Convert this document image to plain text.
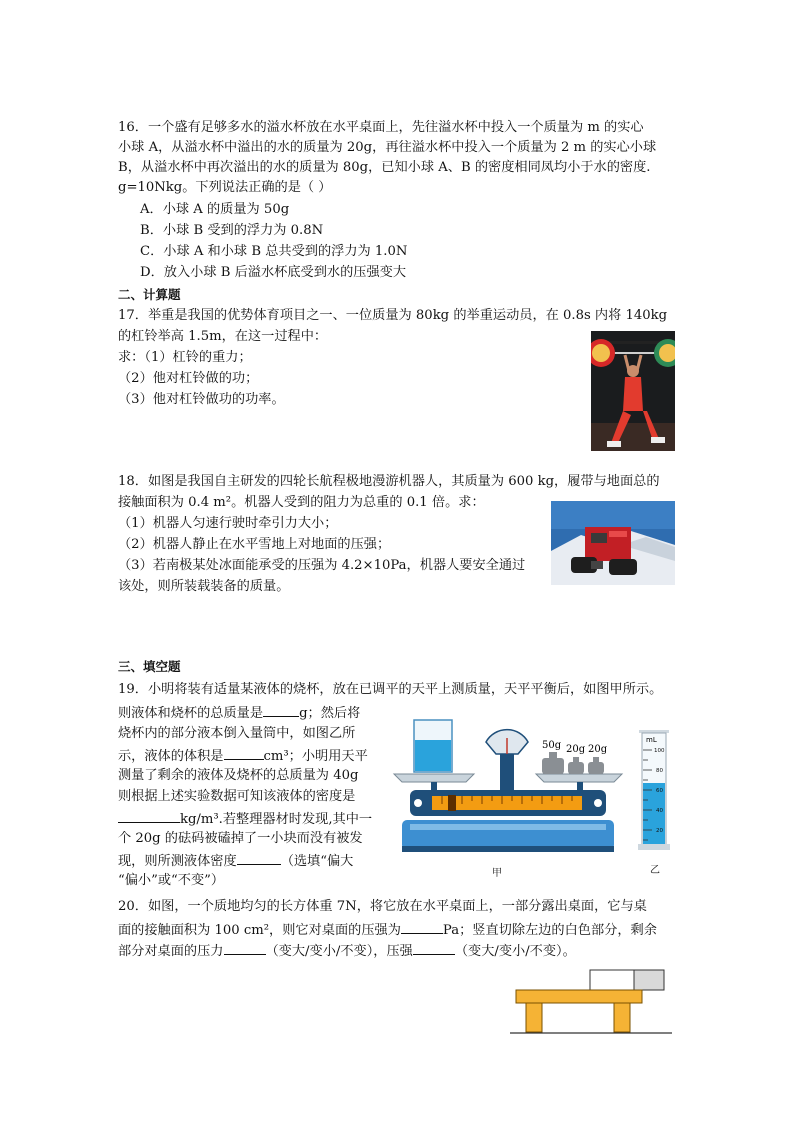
16．一个盛有足够多水的溢水杯放在水平桌面上，先往溢水杯中投入一个质量为 m 的实心
小球 A，从溢水杯中溢出的水的质量为 20g，再往溢水杯中投入一个质量为 2 m 的实心小球
B，从溢水杯中再次溢出的水的质量为 80g，已知小球 A、B 的密度相同凤均小于水的密度.
g=10Nkg。下列说法正确的是（ ）
A．小球 A 的质量为 50g
B．小球 B 受到的浮力为 0.8N
C．小球 A 和小球 B 总共受到的浮力为 1.0N
D．放入小球 B 后溢水杯底受到水的压强变大
二、计算题
17．举重是我国的优势体育项目之一、一位质量为 80kg 的举重运动员，在 0.8s 内将 140kg
的杠铃举高 1.5m，在这一过程中：
求：（1）杠铃的重力；
（2）他对杠铃做的功；
（3）他对杠铃做功的功率。
18．如图是我国自主研发的四轮长航程极地漫游机器人，其质量为 600 kg，履带与地面总的
接触面积为 0.4 m²。机器人受到的阻力为总重的 0.1 倍。求：
（1）机器人匀速行驶时牵引力大小；
（2）机器人静止在水平雪地上对地面的压强；
（3）若南极某处冰面能承受的压强为 4.2×10Pa，机器人要安全通过
该处，则所装载装备的质量。
三、填空题
19．小明将装有适量某液体的烧杯，放在已调平的天平上测质量，天平平衡后，如图甲所示。
则液体和烧杯的总质量是	g；然后将
烧杯内的部分液本倒入量筒中，如图乙所
示，液体的体积是	cm³；小明用天平
测量了剩余的液体及烧杯的总质量为 40g
则根据上述实验数据可知该液体的密度是
kg/m³.若整理器材时发现,其中一
个 20g 的砝码被磕掉了一小块而没有被发
现，则所测液体密度	（选填“偏大
“偏小”或“不变”）
50g 20g 20g
甲
mL
100
80
60
40
20
乙
20．如图，一个质地均匀的长方体重 7N，将它放在水平桌面上，一部分露出桌面，它与桌
面的接触面积为 100 cm²，则它对桌面的压强为	Pa；竖直切除左边的白色部分，剩余
部分对桌面的压力	（变大/变小/不变），压强	（变大/变小/不变）。
